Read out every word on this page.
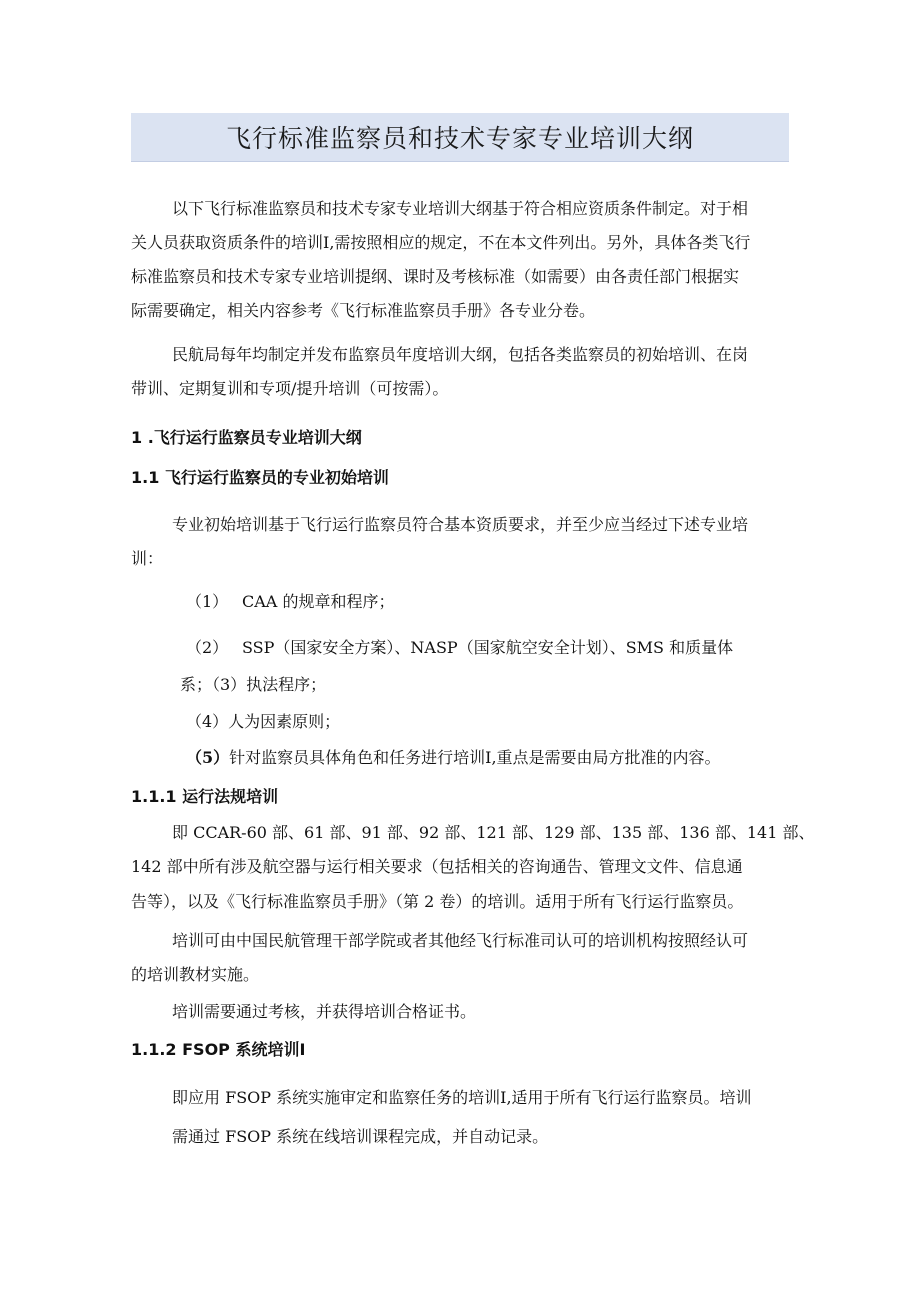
飞行标准监察员和技术专家专业培训大纲
以下飞行标准监察员和技术专家专业培训大纲基于符合相应资质条件制定。对于相
关人员获取资质条件的培训I,需按照相应的规定，不在本文件列出。另外，具体各类飞行
标准监察员和技术专家专业培训提纲、课时及考核标准（如需要）由各责任部门根据实
际需要确定，相关内容参考《飞行标准监察员手册》各专业分卷。
民航局每年均制定并发布监察员年度培训大纲，包括各类监察员的初始培训、在岗
带训、定期复训和专项/提升培训（可按需）。
1 .飞行运行监察员专业培训大纲
1.1 飞行运行监察员的专业初始培训
专业初始培训基于飞行运行监察员符合基本资质要求，并至少应当经过下述专业培
训：
（1） CAA 的规章和程序；
（2） SSP（国家安全方案）、NASP（国家航空安全计划）、SMS 和质量体
系；（3）执法程序；
（4）人为因素原则；
（5）针对监察员具体角色和任务进行培训I,重点是需要由局方批准的内容。
1.1.1 运行法规培训
即 CCAR-60 部、61 部、91 部、92 部、121 部、129 部、135 部、136 部、141 部、
142 部中所有涉及航空器与运行相关要求（包括相关的咨询通告、管理文文件、信息通
告等），以及《飞行标准监察员手册》（第 2 卷）的培训。适用于所有飞行运行监察员。
培训可由中国民航管理干部学院或者其他经飞行标准司认可的培训机构按照经认可
的培训教材实施。
培训需要通过考核，并获得培训合格证书。
1.1.2 FSOP 系统培训I
即应用 FSOP 系统实施审定和监察任务的培训I,适用于所有飞行运行监察员。培训
需通过 FSOP 系统在线培训课程完成，并自动记录。
